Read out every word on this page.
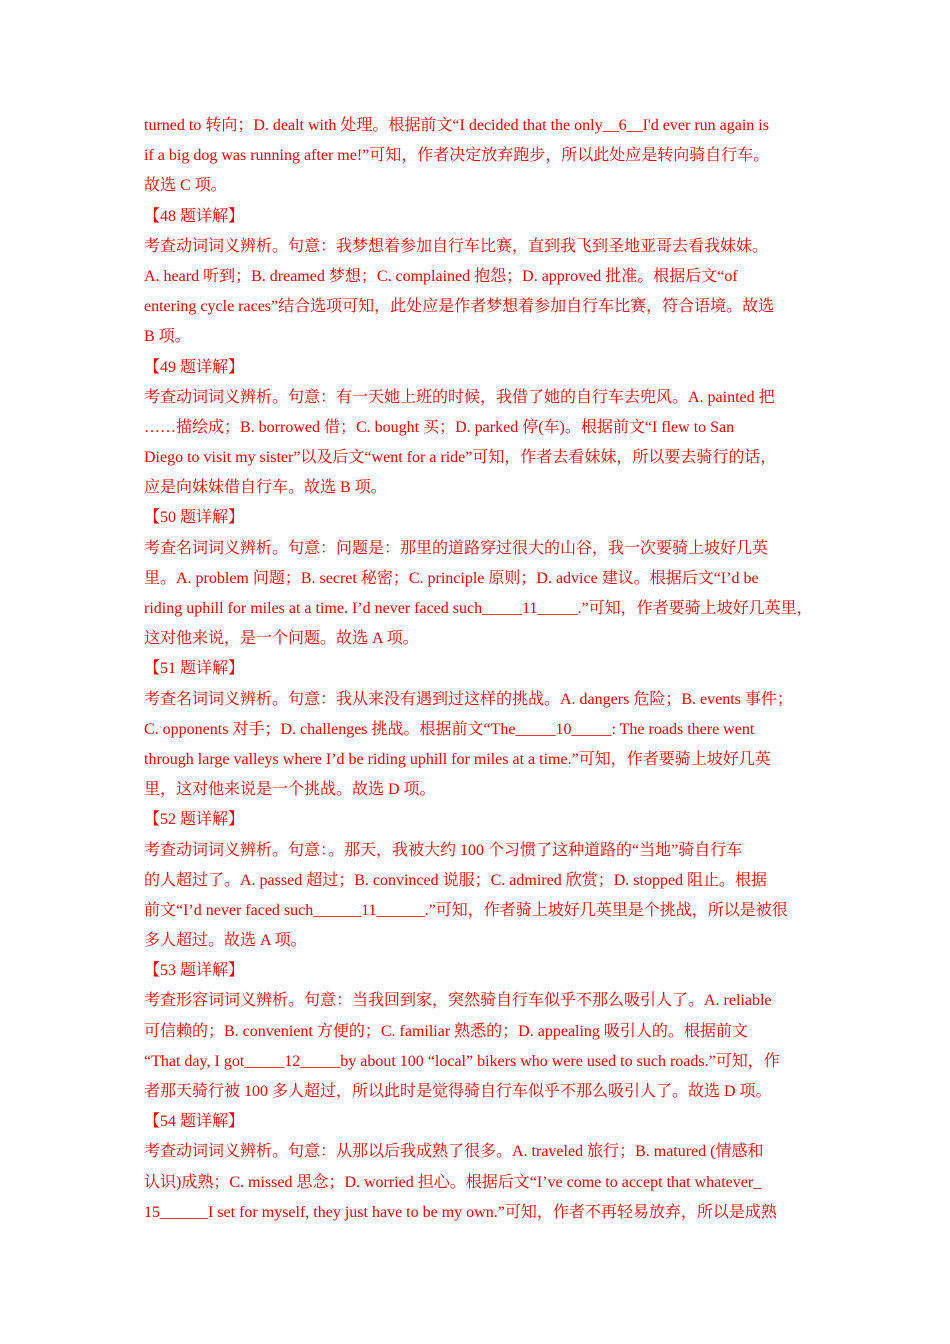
turned to 转向；D. dealt with 处理。根据前文“I decided that the only__6__I'd ever run again is
if a big dog was running after me!”可知，作者决定放弃跑步，所以此处应是转向骑自行车。
故选 C 项。
【48 题详解】
考查动词词义辨析。句意：我梦想着参加自行车比赛，直到我飞到圣地亚哥去看我妹妹。
A. heard 听到；B. dreamed 梦想；C. complained 抱怨；D. approved 批准。根据后文“of
entering cycle races”结合选项可知，此处应是作者梦想着参加自行车比赛，符合语境。故选
B 项。
【49 题详解】
考查动词词义辨析。句意：有一天她上班的时候，我借了她的自行车去兜风。A. painted 把
……描绘成；B. borrowed 借；C. bought 买；D. parked 停(车)。根据前文“I flew to San
Diego to visit my sister”以及后文“went for a ride”可知，作者去看妹妹，所以要去骑行的话，
应是向妹妹借自行车。故选 B 项。
【50 题详解】
考查名词词义辨析。句意：问题是：那里的道路穿过很大的山谷，我一次要骑上坡好几英
里。A. problem 问题；B. secret 秘密；C. principle 原则；D. advice 建议。根据后文“I’d be
riding uphill for miles at a time. I’d never faced such_____11_____.”可知，作者要骑上坡好几英里，
这对他来说，是一个问题。故选 A 项。
【51 题详解】
考查名词词义辨析。句意：我从来没有遇到过这样的挑战。A. dangers 危险；B. events 事件；
C. opponents 对手；D. challenges 挑战。根据前文“The_____10_____: The roads there went
through large valleys where I’d be riding uphill for miles at a time.”可知，作者要骑上坡好几英
里，这对他来说是一个挑战。故选 D 项。
【52 题详解】
考查动词词义辨析。句意：。那天，我被大约 100 个习惯了这种道路的“当地”骑自行车
的人超过了。A. passed 超过；B. convinced 说服；C. admired 欣赏；D. stopped 阻止。根据
前文“I’d never faced such______11______.”可知，作者骑上坡好几英里是个挑战，所以是被很
多人超过。故选 A 项。
【53 题详解】
考查形容词词义辨析。句意：当我回到家，突然骑自行车似乎不那么吸引人了。A. reliable
可信赖的；B. convenient 方便的；C. familiar 熟悉的；D. appealing 吸引人的。根据前文
“That day, I got_____12_____by about 100 “local” bikers who were used to such roads.”可知，作
者那天骑行被 100 多人超过，所以此时是觉得骑自行车似乎不那么吸引人了。故选 D 项。
【54 题详解】
考查动词词义辨析。句意：从那以后我成熟了很多。A. traveled 旅行；B. matured (情感和
认识)成熟；C. missed 思念；D. worried 担心。根据后文“I’ve come to accept that whatever_
15______I set for myself, they just have to be my own.”可知，作者不再轻易放弃，所以是成熟
